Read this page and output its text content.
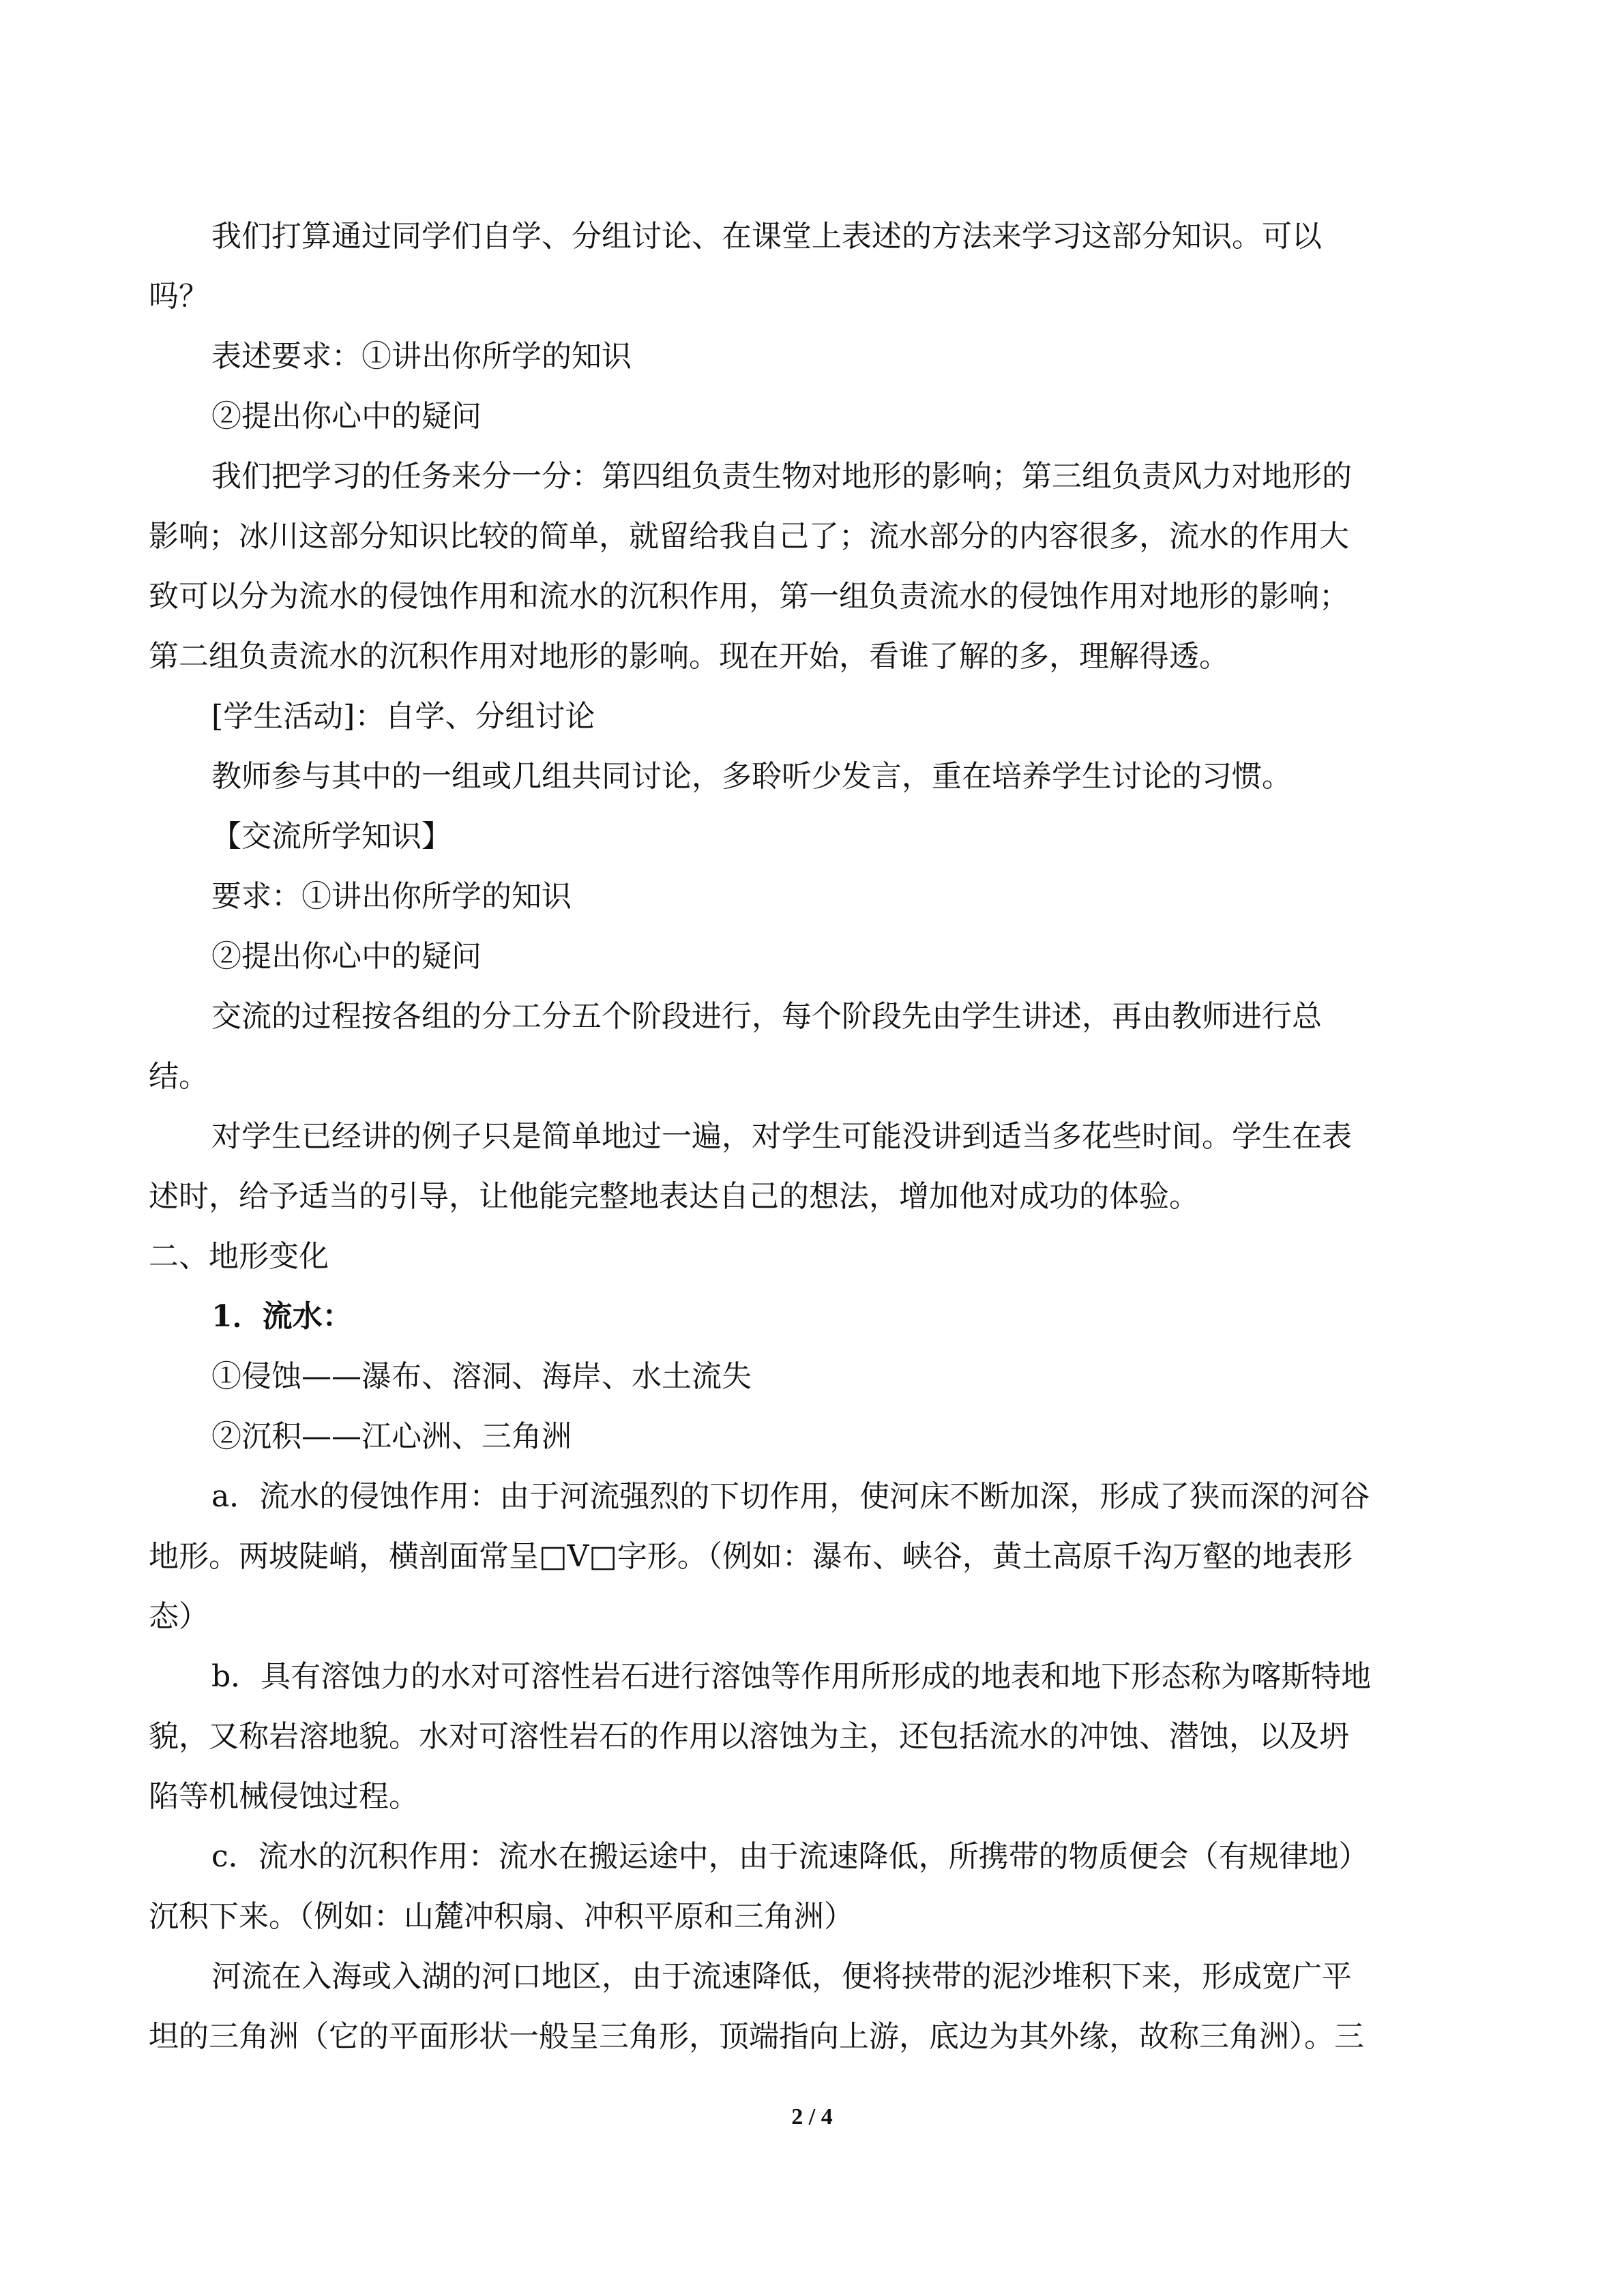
我们打算通过同学们自学、分组讨论、在课堂上表述的方法来学习这部分知识。可以
吗？
表述要求：①讲出你所学的知识
②提出你心中的疑问
我们把学习的任务来分一分：第四组负责生物对地形的影响；第三组负责风力对地形的
影响；冰川这部分知识比较的简单，就留给我自己了；流水部分的内容很多，流水的作用大
致可以分为流水的侵蚀作用和流水的沉积作用，第一组负责流水的侵蚀作用对地形的影响；
第二组负责流水的沉积作用对地形的影响。现在开始，看谁了解的多，理解得透。
[学生活动]：自学、分组讨论
教师参与其中的一组或几组共同讨论，多聆听少发言，重在培养学生讨论的习惯。
【交流所学知识】
要求：①讲出你所学的知识
②提出你心中的疑问
交流的过程按各组的分工分五个阶段进行，每个阶段先由学生讲述，再由教师进行总
结。
对学生已经讲的例子只是简单地过一遍，对学生可能没讲到适当多花些时间。学生在表
述时，给予适当的引导，让他能完整地表达自己的想法，增加他对成功的体验。
二、地形变化
1．流水：
①侵蚀——瀑布、溶洞、海岸、水土流失
②沉积——江心洲、三角洲
a．流水的侵蚀作用：由于河流强烈的下切作用，使河床不断加深，形成了狭而深的河谷
地形。两坡陡峭，横剖面常呈□V□字形。（例如：瀑布、峡谷，黄土高原千沟万壑的地表形
态）
b．具有溶蚀力的水对可溶性岩石进行溶蚀等作用所形成的地表和地下形态称为喀斯特地
貌，又称岩溶地貌。水对可溶性岩石的作用以溶蚀为主，还包括流水的冲蚀、潜蚀，以及坍
陷等机械侵蚀过程。
c．流水的沉积作用：流水在搬运途中，由于流速降低，所携带的物质便会（有规律地）
沉积下来。（例如：山麓冲积扇、冲积平原和三角洲）
河流在入海或入湖的河口地区，由于流速降低，便将挟带的泥沙堆积下来，形成宽广平
坦的三角洲（它的平面形状一般呈三角形，顶端指向上游，底边为其外缘，故称三角洲）。三
2 / 4
